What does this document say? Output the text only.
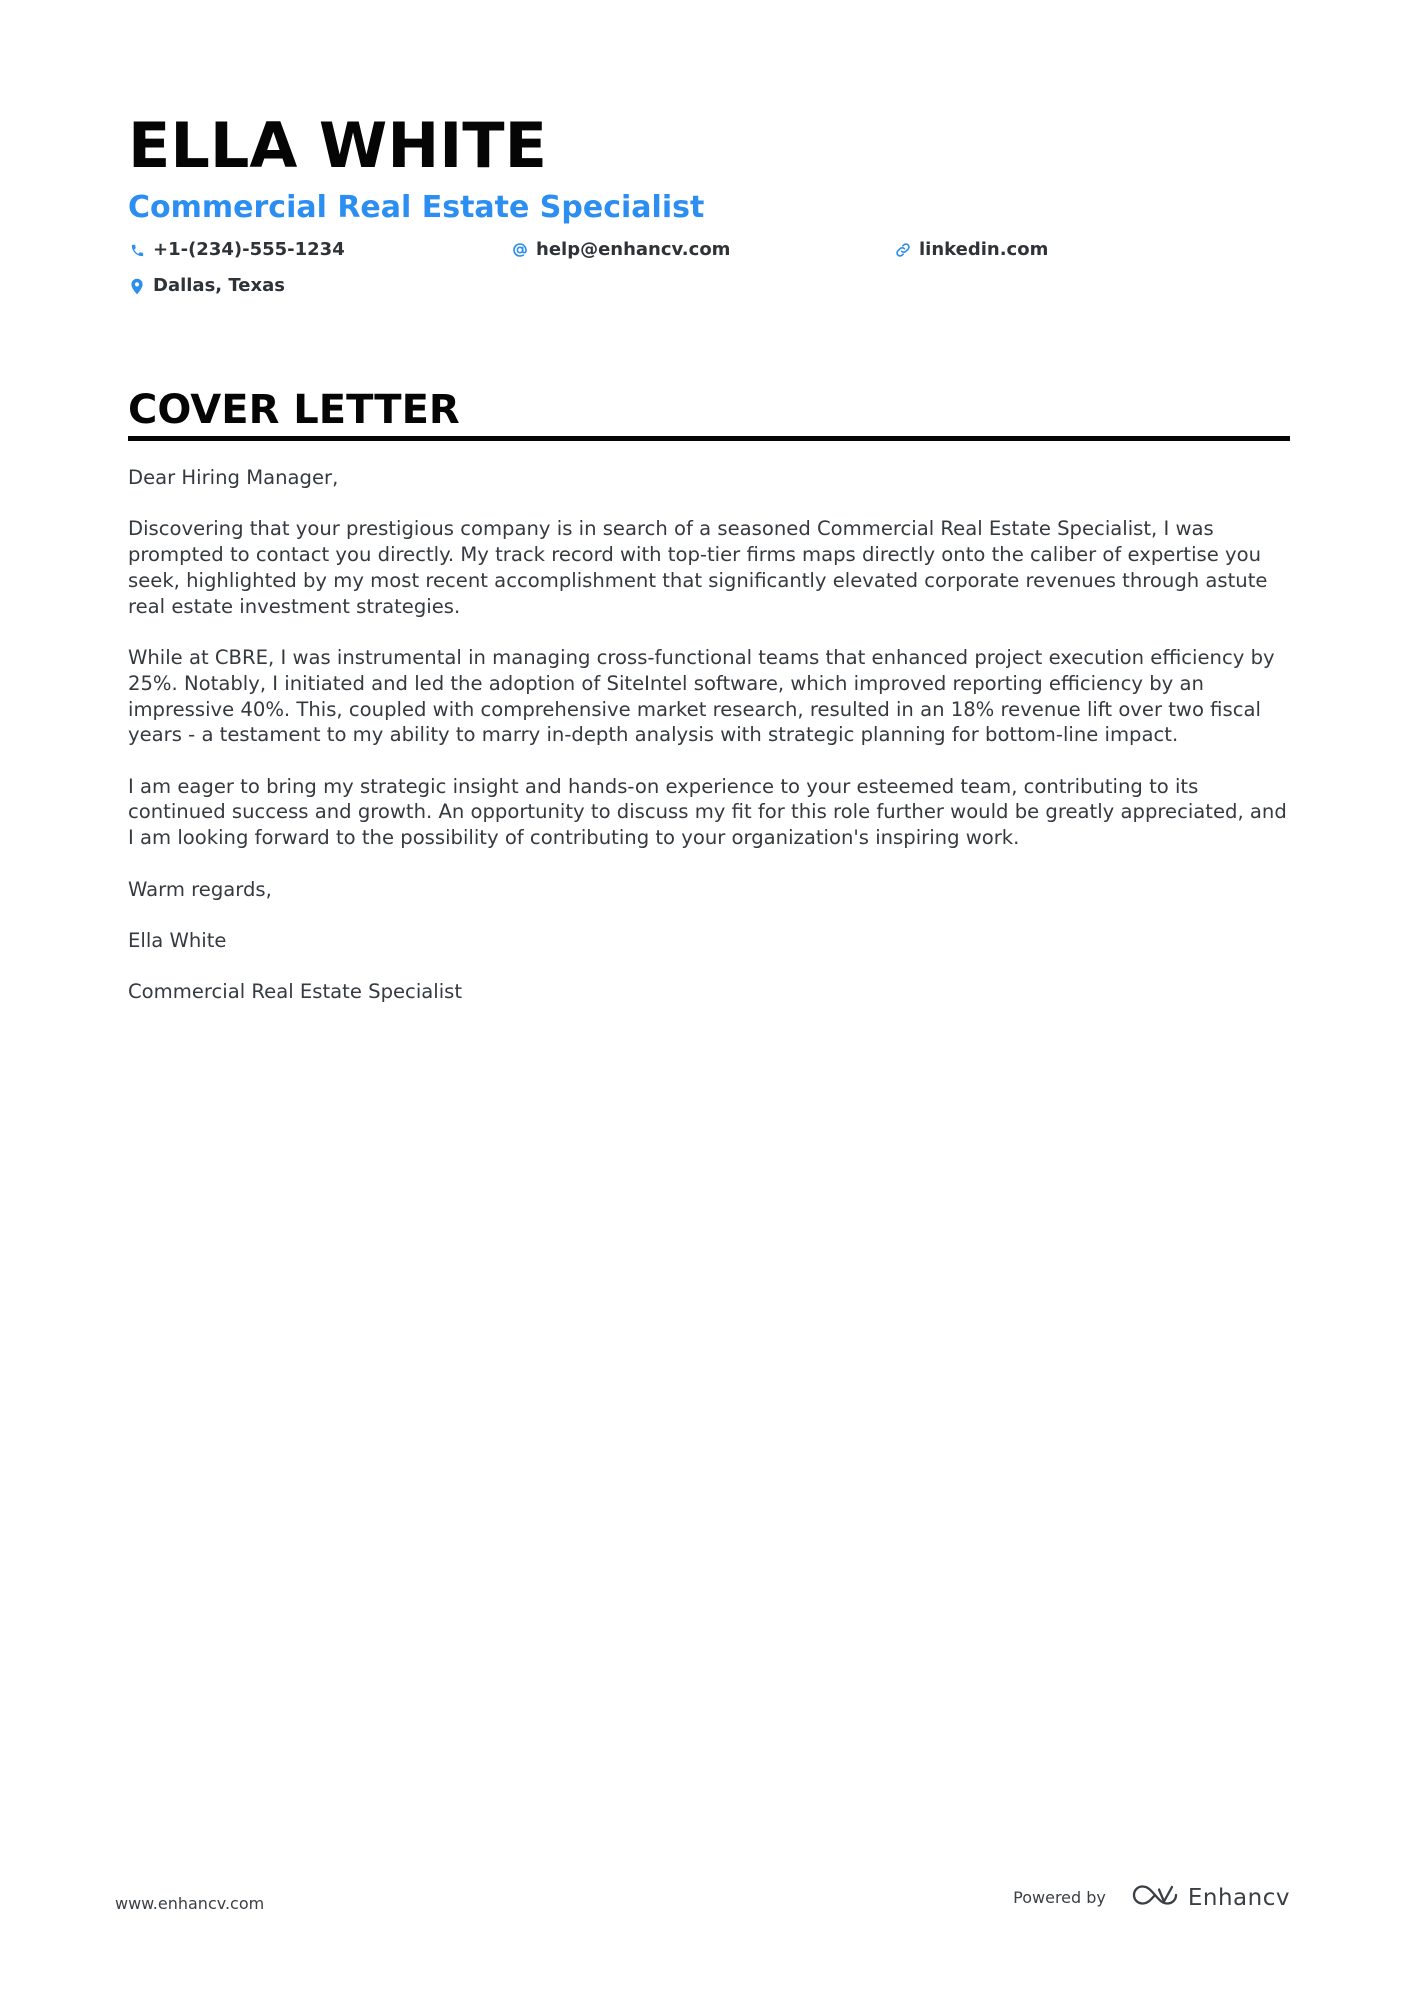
ELLA WHITE
Commercial Real Estate Specialist
+1-(234)-555-1234	help@enhancv.com	linkedin.com
Dallas, Texas
COVER LETTER

Dear Hiring Manager,

Discovering that your prestigious company is in search of a seasoned Commercial Real Estate Specialist, I was prompted to contact you directly. My track record with top-tier firms maps directly onto the caliber of expertise you seek, highlighted by my most recent accomplishment that significantly elevated corporate revenues through astute real estate investment strategies.

While at CBRE, I was instrumental in managing cross-functional teams that enhanced project execution efficiency by 25%. Notably, I initiated and led the adoption of SiteIntel software, which improved reporting efficiency by an impressive 40%. This, coupled with comprehensive market research, resulted in an 18% revenue lift over two fiscal years - a testament to my ability to marry in-depth analysis with strategic planning for bottom-line impact.

I am eager to bring my strategic insight and hands-on experience to your esteemed team, contributing to its continued success and growth. An opportunity to discuss my fit for this role further would be greatly appreciated, and I am looking forward to the possibility of contributing to your organization's inspiring work.

Warm regards,

Ella White

Commercial Real Estate Specialist

www.enhancv.com	Powered by	Enhancv
